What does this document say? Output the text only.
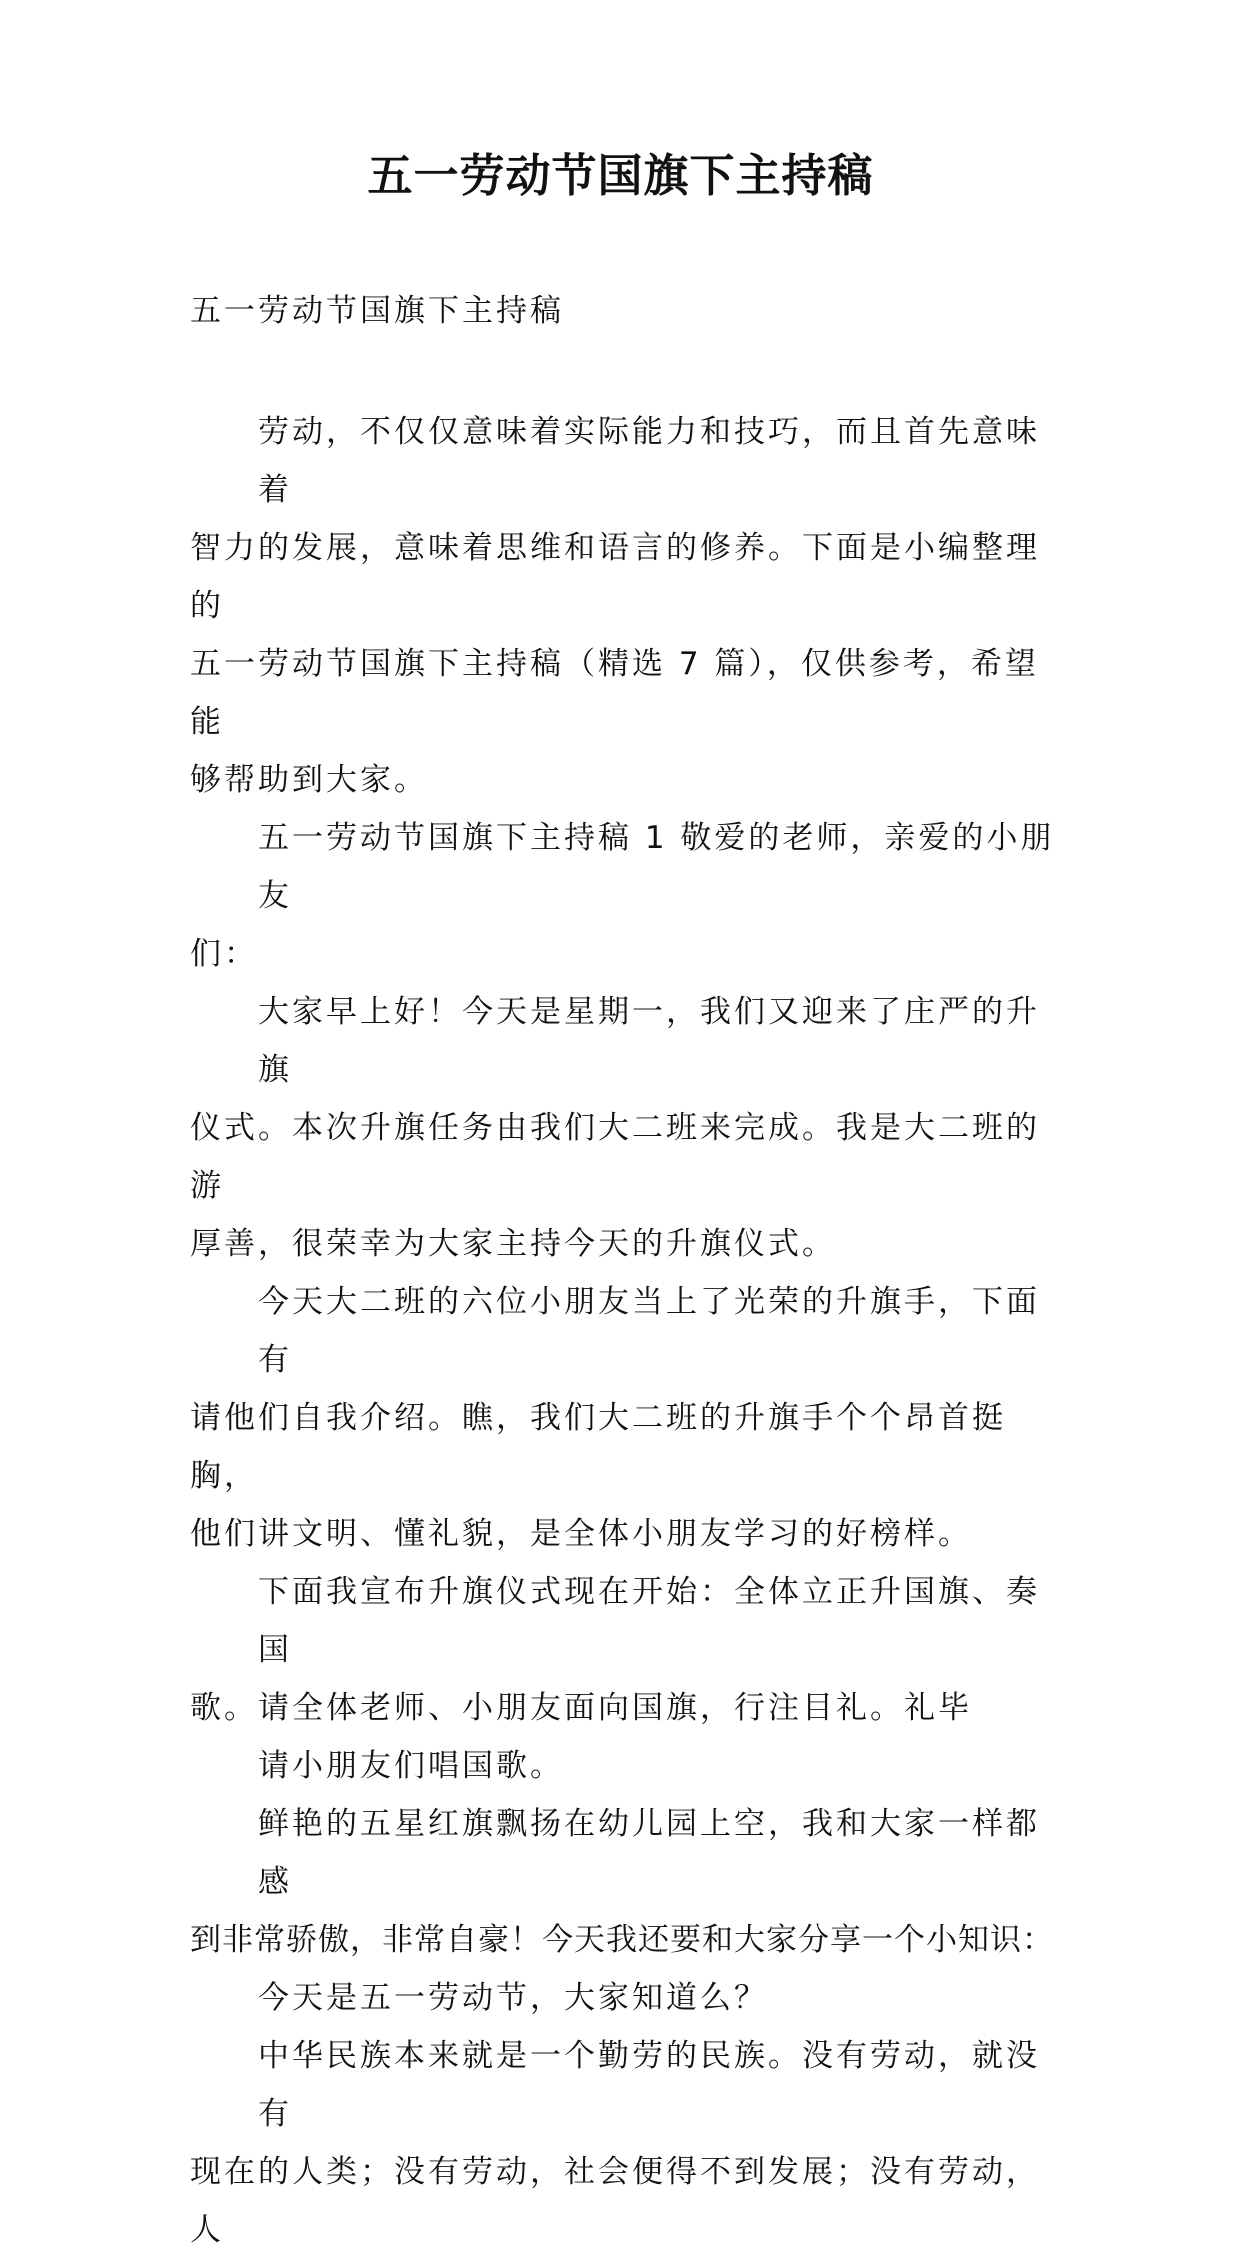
五一劳动节国旗下主持稿
五一劳动节国旗下主持稿

劳动，不仅仅意味着实际能力和技巧，而且首先意味着
智力的发展，意味着思维和语言的修养。下面是小编整理的
五一劳动节国旗下主持稿（精选 7 篇），仅供参考，希望能
够帮助到大家。

五一劳动节国旗下主持稿 1 敬爱的老师，亲爱的小朋友
们：

大家早上好！今天是星期一，我们又迎来了庄严的升旗
仪式。本次升旗任务由我们大二班来完成。我是大二班的游
厚善，很荣幸为大家主持今天的升旗仪式。

今天大二班的六位小朋友当上了光荣的升旗手，下面有
请他们自我介绍。瞧，我们大二班的升旗手个个昂首挺胸，
他们讲文明、懂礼貌，是全体小朋友学习的好榜样。

下面我宣布升旗仪式现在开始：全体立正升国旗、奏国
歌。请全体老师、小朋友面向国旗，行注目礼。礼毕

请小朋友们唱国歌。

鲜艳的五星红旗飘扬在幼儿园上空，我和大家一样都感
到非常骄傲，非常自豪！今天我还要和大家分享一个小知识：

今天是五一劳动节，大家知道么？

中华民族本来就是一个勤劳的民族。没有劳动，就没有
现在的人类；没有劳动，社会便得不到发展；没有劳动，人
